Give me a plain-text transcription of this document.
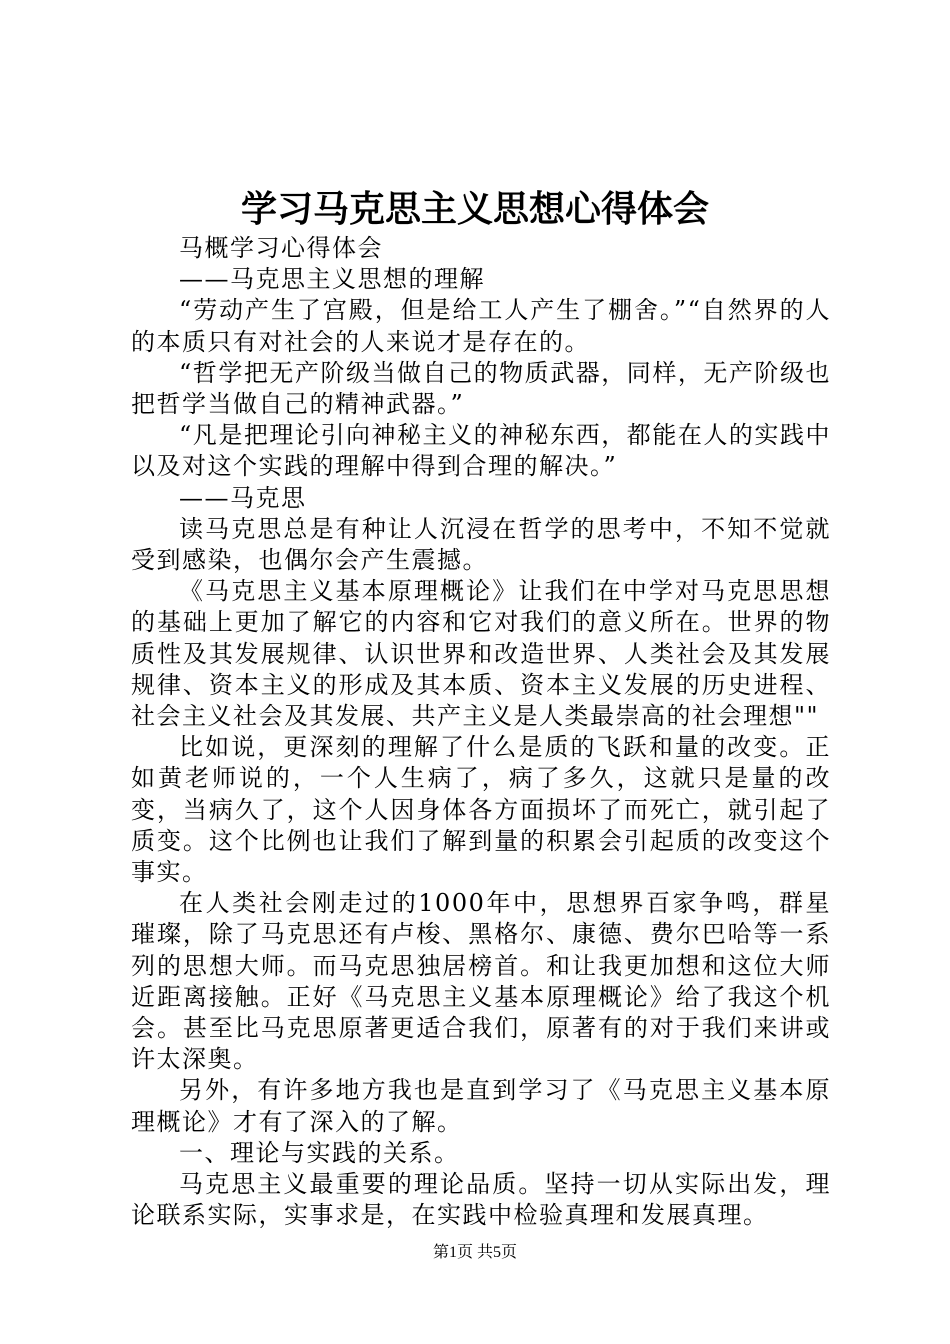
学习马克思主义思想心得体会

马概学习心得体会

——马克思主义思想的理解

“劳动产生了宫殿，但是给工人产生了棚舍。”“自然界的人的本质只有对社会的人来说才是存在的。

“哲学把无产阶级当做自己的物质武器，同样，无产阶级也把哲学当做自己的精神武器。”

“凡是把理论引向神秘主义的神秘东西，都能在人的实践中以及对这个实践的理解中得到合理的解决。”

——马克思

读马克思总是有种让人沉浸在哲学的思考中，不知不觉就受到感染，也偶尔会产生震撼。

《马克思主义基本原理概论》让我们在中学对马克思思想的基础上更加了解它的内容和它对我们的意义所在。世界的物质性及其发展规律、认识世界和改造世界、人类社会及其发展规律、资本主义的形成及其本质、资本主义发展的历史进程、社会主义社会及其发展、共产主义是人类最崇高的社会理想""

比如说，更深刻的理解了什么是质的飞跃和量的改变。正如黄老师说的，一个人生病了，病了多久，这就只是量的改变，当病久了，这个人因身体各方面损坏了而死亡，就引起了质变。这个比例也让我们了解到量的积累会引起质的改变这个事实。

在人类社会刚走过的1000年中，思想界百家争鸣，群星璀璨，除了马克思还有卢梭、黑格尔、康德、费尔巴哈等一系列的思想大师。而马克思独居榜首。和让我更加想和这位大师近距离接触。正好《马克思主义基本原理概论》给了我这个机会。甚至比马克思原著更适合我们，原著有的对于我们来讲或许太深奥。

另外，有许多地方我也是直到学习了《马克思主义基本原理概论》才有了深入的了解。

一、理论与实践的关系。

马克思主义最重要的理论品质。坚持一切从实际出发，理论联系实际，实事求是，在实践中检验真理和发展真理。

第1页 共5页
